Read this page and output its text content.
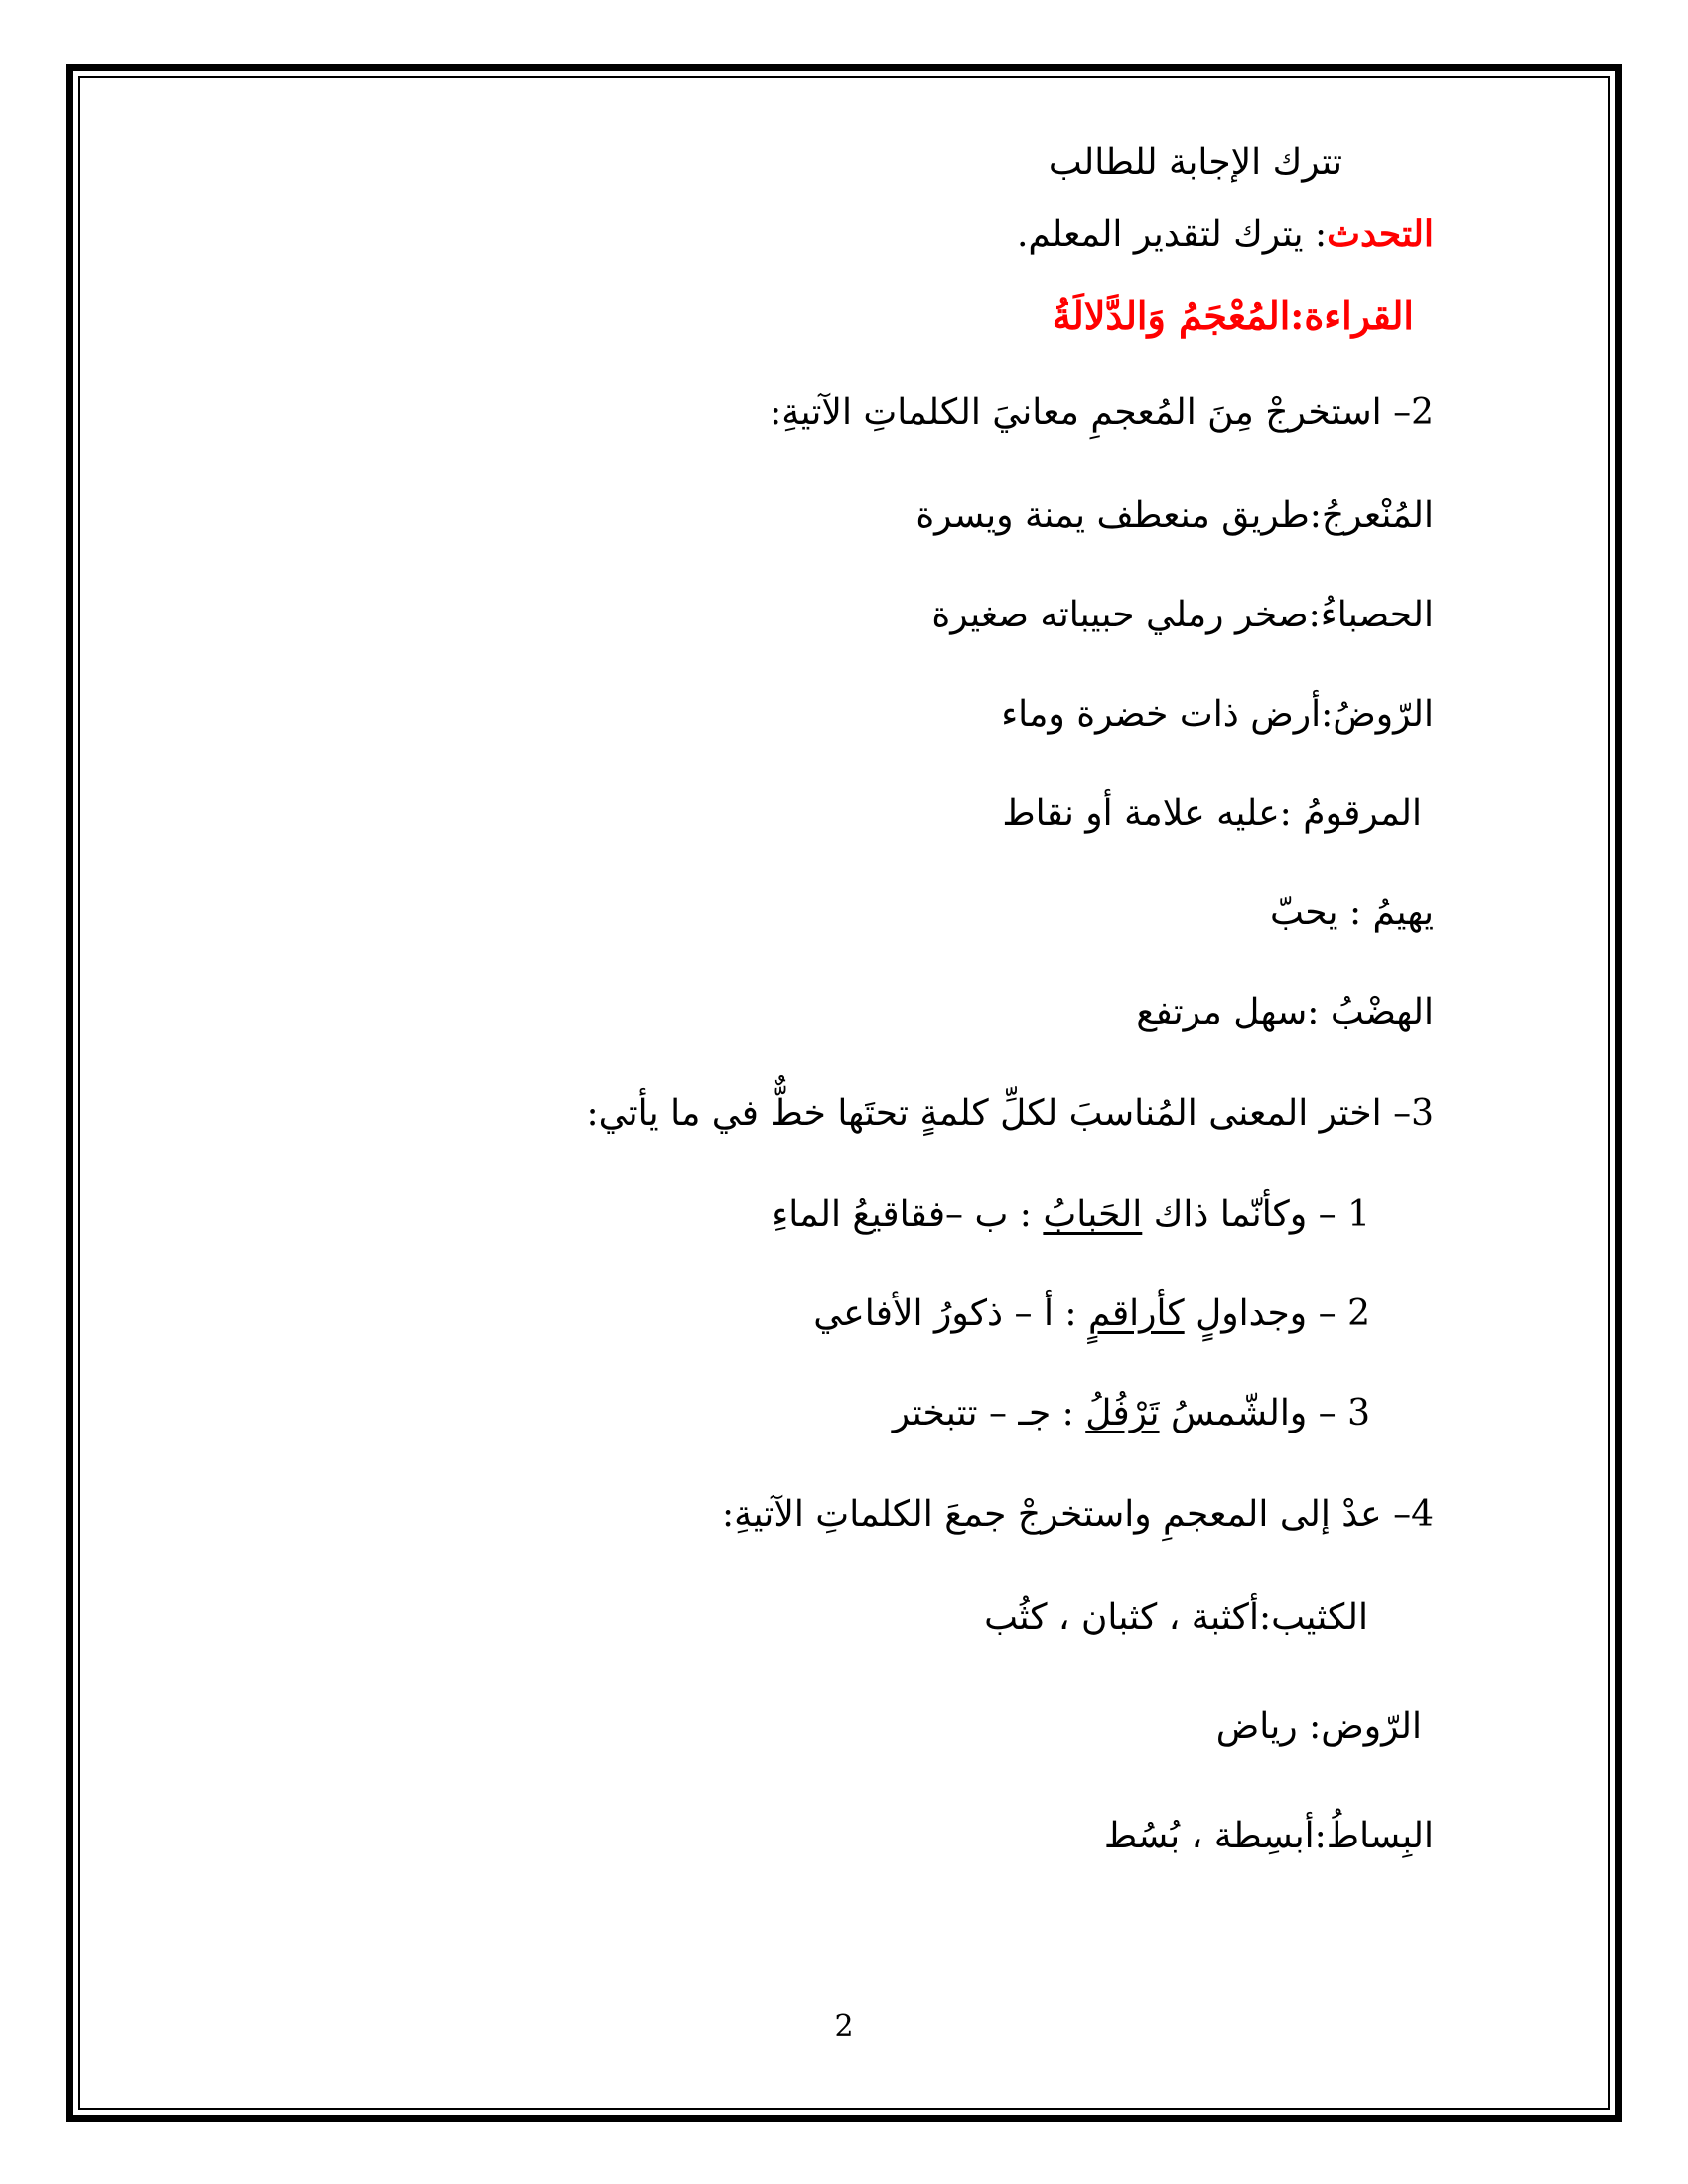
تترك الإجابة للطالب
التحدث: يترك لتقدير المعلم.
القراءة:المُعْجَمُ وَالدَّلالَةُ
2– استخرجْ مِنَ المُعجمِ معانيَ الكلماتِ الآتيةِ:
المُنْعرجُ:طريق منعطف يمنة ويسرة
الحصباءُ:صخر رملي حبيباته صغيرة
الرّوضُ:أرض ذات خضرة وماء
المرقومُ :عليه علامة أو نقاط
يهيمُ : يحبّ
الهضْبُ :سهل مرتفع
3– اختر المعنى المُناسبَ لكلِّ كلمةٍ تحتَها خطٌّ في ما يأتي:
1 – وكأنّما ذاك الحَبابُ : ب –فقاقيعُ الماءِ
2 – وجداولٍ كأراقمٍ : أ – ذكورُ الأفاعي
3 – والشّمسُ تَرْفُلُ : جـ – تتبختر
4– عدْ إلى المعجمِ واستخرجْ جمعَ الكلماتِ الآتيةِ:
الكثيب:أكثبة ، كثبان ، كثُب
الرّوض: رياض
البِساطُ:أبسِطة ، بُسُط
2
